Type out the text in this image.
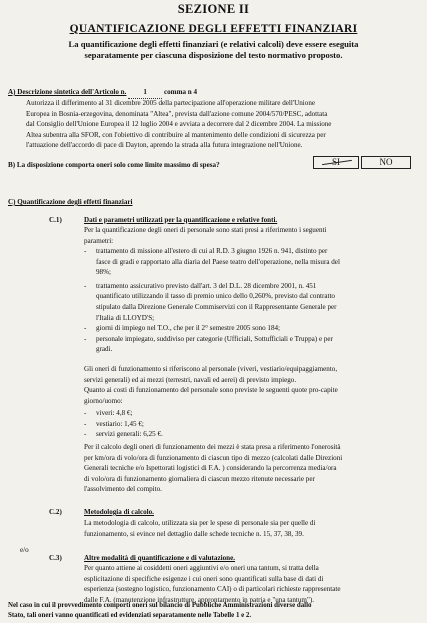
SEZIONE II
QUANTIFICAZIONE DEGLI EFFETTI FINANZIARI
La quantificazione degli effetti finanziari (e relativi calcoli) deve essere eseguita
separatamente per ciascuna disposizione del testo normativo proposto.
A) Descrizione sintetica dell'Articolo n. 1 comma n 4
Autorizza il differimento al 31 dicembre 2005 della partecipazione all'operazione militare dell'Unione
Europea in Bosnia-erzegovina, denominata "Altea", prevista dall'azione comune 2004/570/PESC, adottata
dal Consiglio dell'Unione Europea il 12 luglio 2004 e avviata a decorrere dal 2 dicembre 2004. La missione
Altea subentra alla SFOR, con l'obiettivo di contribuire al mantenimento delle condizioni di sicurezza per
l'attuazione dell'accordo di pace di Dayton, aprendo la strada alla futura integrazione nell'Unione.
B) La disposizione comporta oneri solo come limite massimo di spesa?	NO
C) Quantificazione degli effetti finanziari
C.1)	Dati e parametri utilizzati per la quantificazione e relative fonti.
Per la quantificazione degli oneri di personale sono stati presi a riferimento i seguenti
parametri:
- trattamento di missione all'estero di cui al R.D. 3 giugno 1926 n. 941, distinto per
fasce di gradi e rapportato alla diaria del Paese teatro dell'operazione, nella misura del
98%;
- trattamento assicurativo previsto dall'art. 3 del D.L. 28 dicembre 2001, n. 451
quantificato utilizzando il tasso di premio unico dello 0,260%, previsto dal contratto
stipulato dalla Direzione Generale Commiservizi con il Rappresentante Generale per
l'Italia di LLOYD'S;
- giorni di impiego nel T.O., che per il 2° semestre 2005 sono 184;
- personale impiegato, suddiviso per categorie (Ufficiali, Sottufficiali e Truppa) e per
gradi.
Gli oneri di funzionamento si riferiscono al personale (viveri, vestiario/equipaggiamento,
servizi generali) ed ai mezzi (terrestri, navali ed aerei) di previsto impiego.
Quanto ai costi di funzionamento del personale sono previste le seguenti quote pro-capite
giorno/uomo:
- viveri: 4,8 €;
- vestiario: 1,45 €;
- servizi generali: 6,25 €.
Per il calcolo degli oneri di funzionamento dei mezzi è stata presa a riferimento l'onerosità
per km/ora di volo/ora di funzionamento di ciascun tipo di mezzo (calcolati dalle Direzioni
Generali tecniche e/o Ispettorati logistici di F.A. ) considerando la percorrenza media/ora
di volo/ora di funzionamento giornaliera di ciascun mezzo ritenute necessarie per
l'assolvimento del compito.
C.2)	Metodologia di calcolo.
La metodologia di calcolo, utilizzata sia per le spese di personale sia per quelle di
funzionamento, si evince nel dettaglio dalle schede tecniche n. 15, 37, 38, 39.
e/o
C.3)	Altre modalità di quantificazione e di valutazione.
Per quanto attiene ai cosiddetti oneri aggiuntivi e/o oneri una tantum, si tratta della
esplicitazione di specifiche esigenze i cui oneri sono quantificati sulla base di dati di
esperienza (sostegno logistico, funzionamento CAI) o di particolari richieste rappresentate
dalle F.A. (manutenzione infrastrutture, approntamento in patria e "una tantum").
Nel caso in cui il provvedimento comporti oneri sul bilancio di Pubbliche Amministrazioni diverse dallo
Stato, tali oneri vanno quantificati ed evidenziati separatamente nelle Tabelle 1 e 2.
